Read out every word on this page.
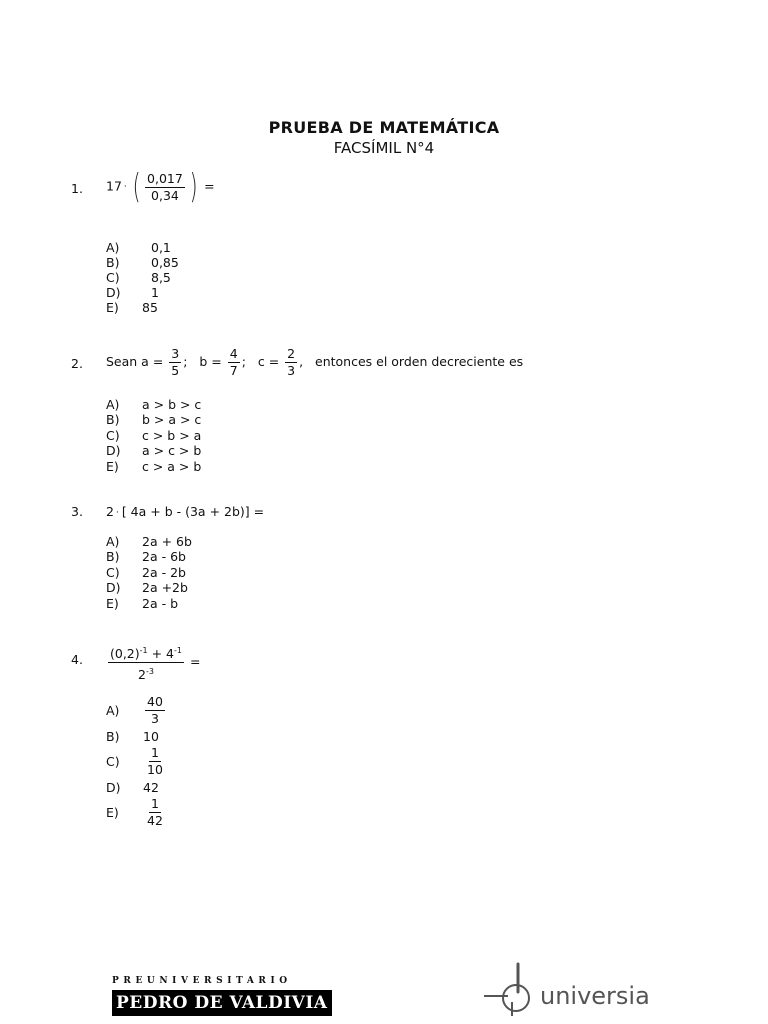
PRUEBA DE MATEMÁTICA
FACSÍMIL N°4
1. 17 · ( $\frac{0,017}{0,34}$ ) =
A)	0,1
B)	0,85
C)	8,5
D) 1
E) 85
2. Sean $a = \frac{3}{5}$ ;   $b = \frac{4}{7}$ ;   $c = \frac{2}{3}$ ,   entonces el orden decreciente es
A) a > b > c
B) b > a > c
C) c > b > a
D) a > c > b
E) c > a > b
3. 2 · [ 4a + b - (3a + 2b)] =
A) 2a + 6b
B) 2a - 6b
C) 2a - 2b
D) 2a +2b
E) 2a - b
4. $\frac{(0,2)^{-1} + 4^{-1}}{2^{-3}}$ =
$A) \frac{40}{3}$
B) 10
$C) \frac{1}{10}$
D) 42
$E) \frac{1}{42}$
PREUNIVERSITARIO
PEDRO DE VALDIVIA	universia
